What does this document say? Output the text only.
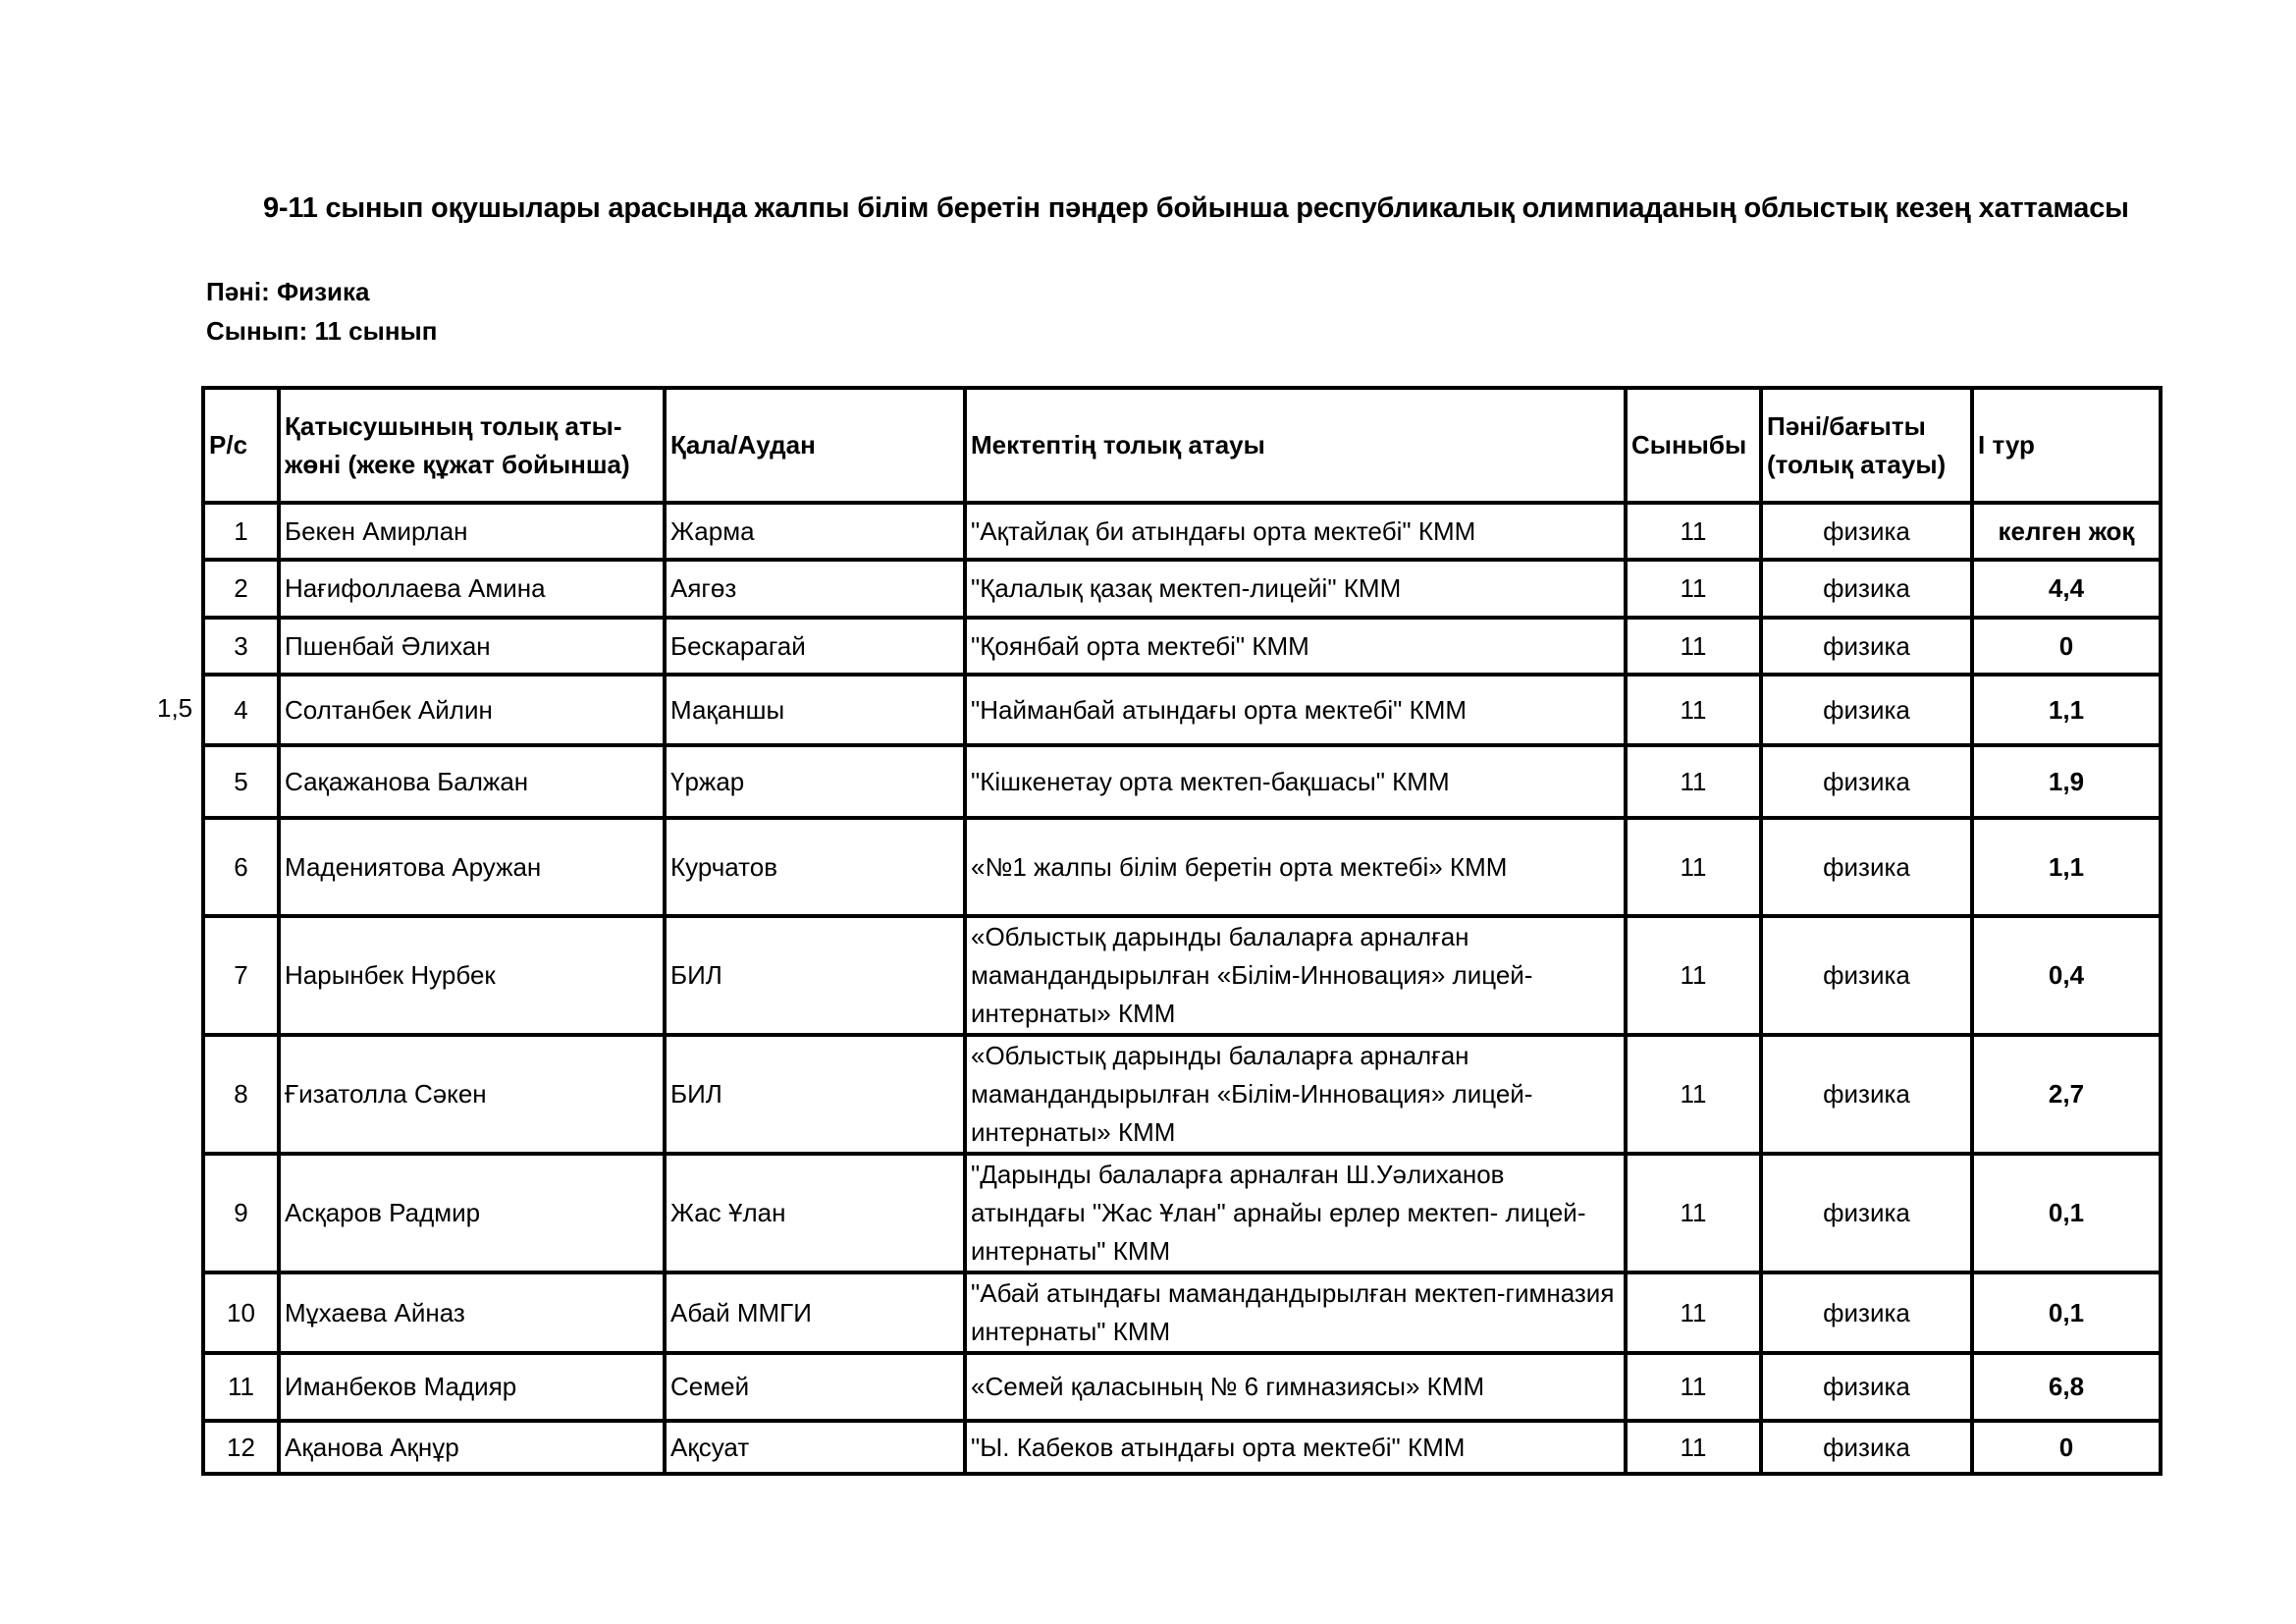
9-11 сынып оқушылары арасында жалпы білім беретін пәндер бойынша республикалық олимпиаданың облыстық кезең хаттамасы
Пәні: Физика
Сынып: 11 сынып
1,5
Р/с	Қатысушының толық аты-жөні (жеке құжат бойынша)	Қала/Аудан	Мектептің толық атауы	Сыныбы	Пәні/бағыты (толық атауы)	І тур
1	Бекен Амирлан	Жарма	"Ақтайлақ би атындағы орта мектебі" КММ	11	физика	келген жоқ
2	Нағифоллаева Амина	Аягөз	"Қалалық қазақ мектеп-лицейі" КММ	11	физика	4,4
3	Пшенбай Әлихан	Бескарагай	"Қоянбай орта мектебі" КММ	11	физика	0
4	Солтанбек Айлин	Мақаншы	"Найманбай атындағы орта мектебі" КММ	11	физика	1,1
5	Сақажанова Балжан	Үржар	"Кішкенетау орта мектеп-бақшасы" КММ	11	физика	1,9
6	Мадениятова Аружан	Курчатов	«№1 жалпы білім беретін орта мектебі» КММ	11	физика	1,1
7	Нарынбек Нурбек	БИЛ	«Облыстық дарынды балаларға арналған мамандандырылған «Білім-Инновация» лицей-интернаты» КММ	11	физика	0,4
8	Ғизатолла Сәкен	БИЛ	«Облыстық дарынды балаларға арналған мамандандырылған «Білім-Инновация» лицей-интернаты» КММ	11	физика	2,7
9	Асқаров Радмир	Жас Ұлан	"Дарынды балаларға арналған Ш.Уәлиханов атындағы "Жас Ұлан" арнайы ерлер мектеп- лицей-интернаты" КММ	11	физика	0,1
10	Мұхаева Айназ	Абай ММГИ	"Абай атындағы мамандандырылған мектеп-гимназия интернаты" КММ	11	физика	0,1
11	Иманбеков Мадияр	Семей	«Семей қаласының № 6 гимназиясы» КММ	11	физика	6,8
12	Ақанова Ақнұр	Ақсуат	"Ы. Кабеков атындағы орта мектебі" КММ	11	физика	0
